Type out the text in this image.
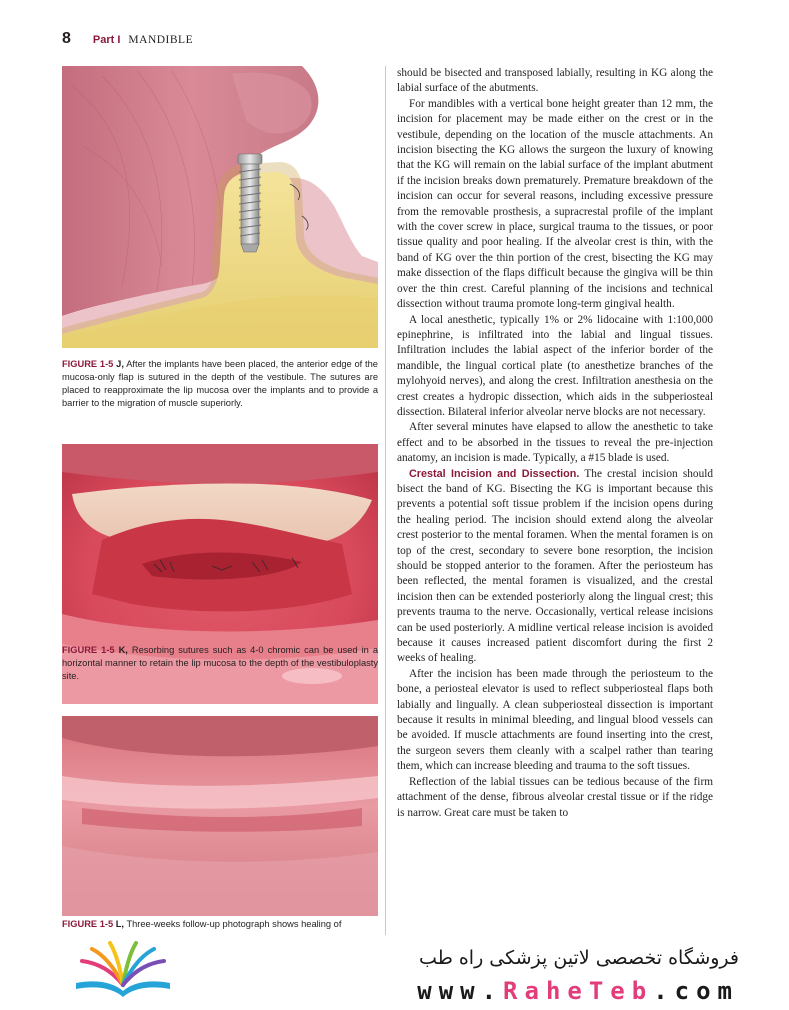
8 Part I MANDIBLE
FIGURE 1-5 J, After the implants have been placed, the anterior edge of the mucosa-only flap is sutured in the depth of the vestibule. The sutures are placed to reapproximate the lip mucosa over the implants and to provide a barrier to the migration of muscle superiorly.
FIGURE 1-5 K, Resorbing sutures such as 4-0 chromic can be used in a horizontal manner to retain the lip mucosa to the depth of the vestibuloplasty site.
FIGURE 1-5 L, Three-weeks follow-up photograph shows healing of

should be bisected and transposed labially, resulting in KG along the labial surface of the abutments.

For mandibles with a vertical bone height greater than 12 mm, the incision for placement may be made either on the crest or in the vestibule, depending on the location of the muscle attachments. An incision bisecting the KG allows the surgeon the luxury of knowing that the KG will remain on the labial surface of the implant abutment if the incision breaks down prematurely. Premature breakdown of the incision can occur for several reasons, including excessive pressure from the removable prosthesis, a supracrestal profile of the implant with the cover screw in place, surgical trauma to the tissues, or poor tissue quality and poor healing. If the alveolar crest is thin, with the band of KG over the thin portion of the crest, bisecting the KG may make dissection of the flaps difficult because the gingiva will be thin over the thin crest. Careful planning of the incisions and technical dissection without trauma promote long-term gingival health.

A local anesthetic, typically 1% or 2% lidocaine with 1:100,000 epinephrine, is infiltrated into the labial and lingual tissues. Infiltration includes the labial aspect of the inferior border of the mandible, the lingual cortical plate (to anesthetize branches of the mylohyoid nerves), and along the crest. Infiltration anesthesia on the crest creates a hydropic dissection, which aids in the subperiosteal dissection. Bilateral inferior alveolar nerve blocks are not necessary.

After several minutes have elapsed to allow the anesthetic to take effect and to be absorbed in the tissues to reveal the pre-injection anatomy, an incision is made. Typically, a #15 blade is used.

Crestal Incision and Dissection. The crestal incision should bisect the band of KG. Bisecting the KG is important because this prevents a potential soft tissue problem if the incision opens during the healing period. The incision should extend along the alveolar crest posterior to the mental foramen. When the mental foramen is on top of the crest, secondary to severe bone resorption, the incision should be stopped anterior to the foramen. After the periosteum has been reflected, the mental foramen is visualized, and the crestal incision then can be extended posteriorly along the lingual crest; this prevents trauma to the nerve. Occasionally, vertical release incisions can be used posteriorly. A midline vertical release incision is avoided because it causes increased patient discomfort during the first 2 weeks of healing.

After the incision has been made through the periosteum to the bone, a periosteal elevator is used to reflect subperiosteal flaps both labially and lingually. A clean subperiosteal dissection is important because it results in minimal bleeding, and lingual blood vessels can be avoided. If muscle attachments are found inserting into the crest, the surgeon severs them cleanly with a scalpel rather than tearing them, which can increase bleeding and trauma to the soft tissues.

Reflection of the labial tissues can be tedious because of the firm attachment of the dense, fibrous alveolar crestal tissue or if the ridge is narrow. Great care must be taken to

فروشگاه تخصصی لاتین پزشکی راه طب
www.RaheTeb.com
